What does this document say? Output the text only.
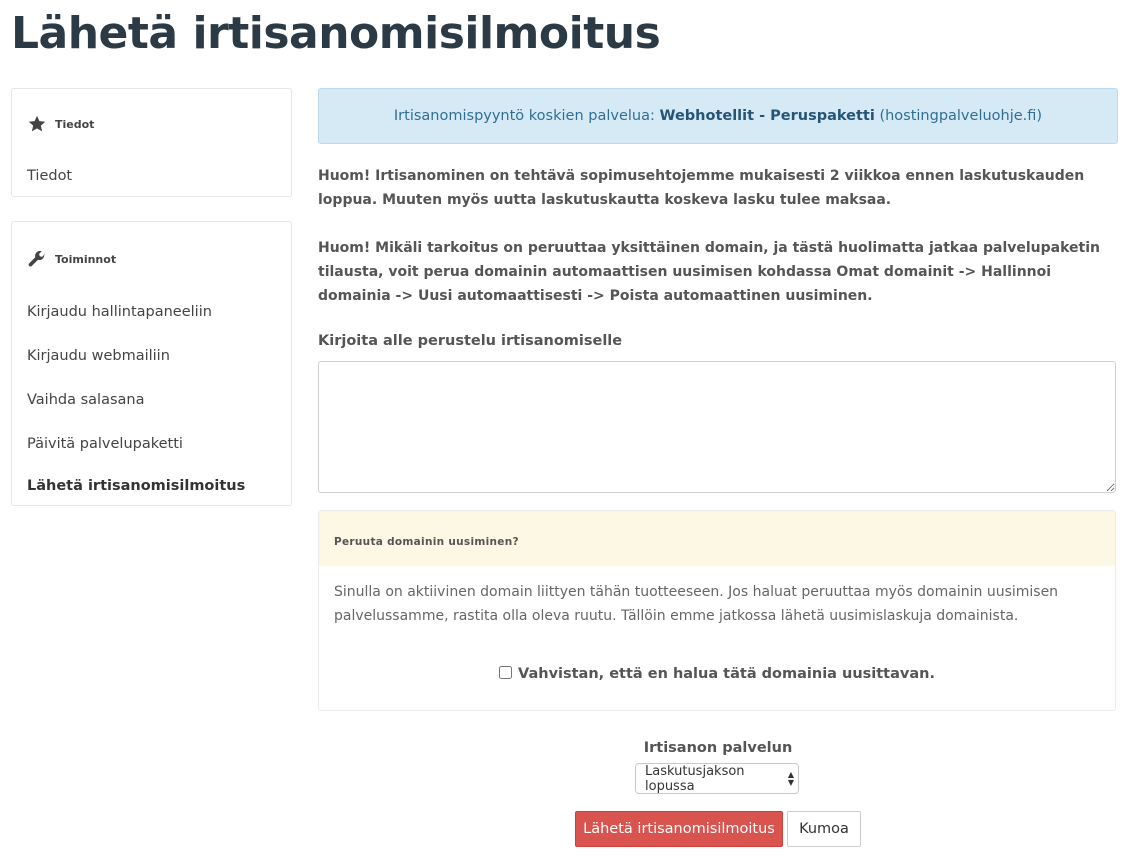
Lähetä irtisanomisilmoitus
Tiedot
Tiedot
Toiminnot
Kirjaudu hallintapaneeliin
Kirjaudu webmailiin
Vaihda salasana
Päivitä palvelupaketti
Lähetä irtisanomisilmoitus
Irtisanomispyyntö koskien palvelua:
Webhotellit - Peruspaketti
(hostingpalveluohje.fi)

Huom! Irtisanominen on tehtävä sopimusehtojemme mukaisesti 2 viikkoa ennen laskutuskauden loppua. Muuten myös uutta laskutuskautta koskeva lasku tulee maksaa.

Huom! Mikäli tarkoitus on peruuttaa yksittäinen domain, ja tästä huolimatta jatkaa palvelupaketin tilausta, voit perua domainin automaattisen uusimisen kohdassa Omat domainit -> Hallinnoi domainia -> Uusi automaattisesti -> Poista automaattinen uusiminen.

Kirjoita alle perustelu irtisanomiselle
Peruuta domainin uusiminen?
Sinulla on aktiivinen domain liittyen tähän tuotteeseen. Jos haluat peruuttaa myös domainin uusimisen palvelussamme, rastita olla oleva ruutu. Tällöin emme jatkossa lähetä uusimislaskuja domainista.
Vahvistan, että en halua tätä domainia uusittavan.
Irtisanon palvelun
Laskutusjakson lopussa
▲
▼
Lähetä irtisanomisilmoitus	Kumoa
